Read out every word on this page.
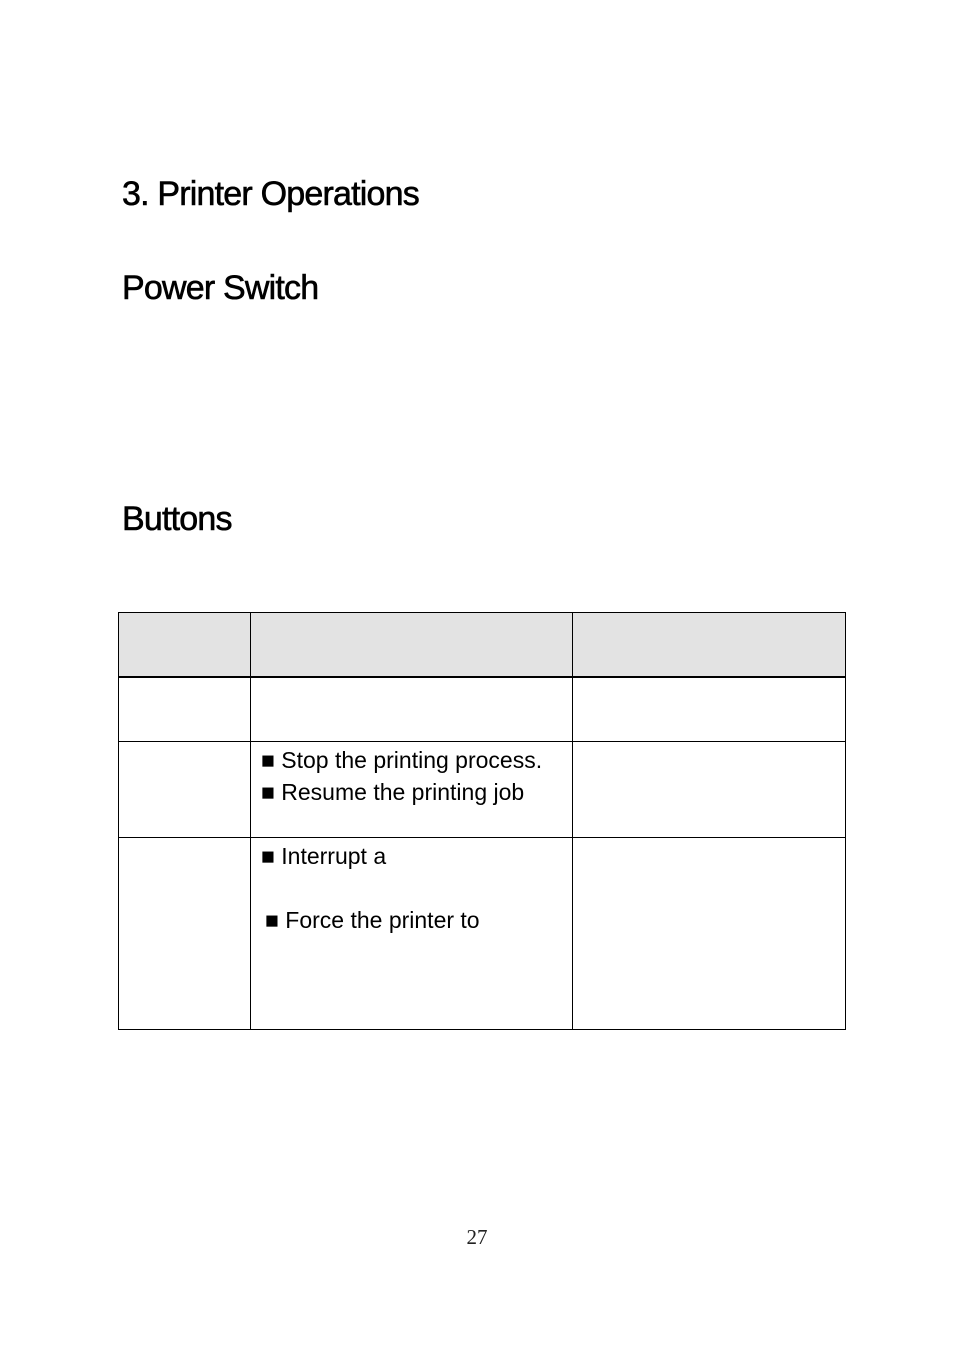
3. Printer Operations
Power Switch
Buttons

	■ Stop the printing process.
■ Resume the printing job	

	■ Interrupt a
■ Force the printer to	

27
